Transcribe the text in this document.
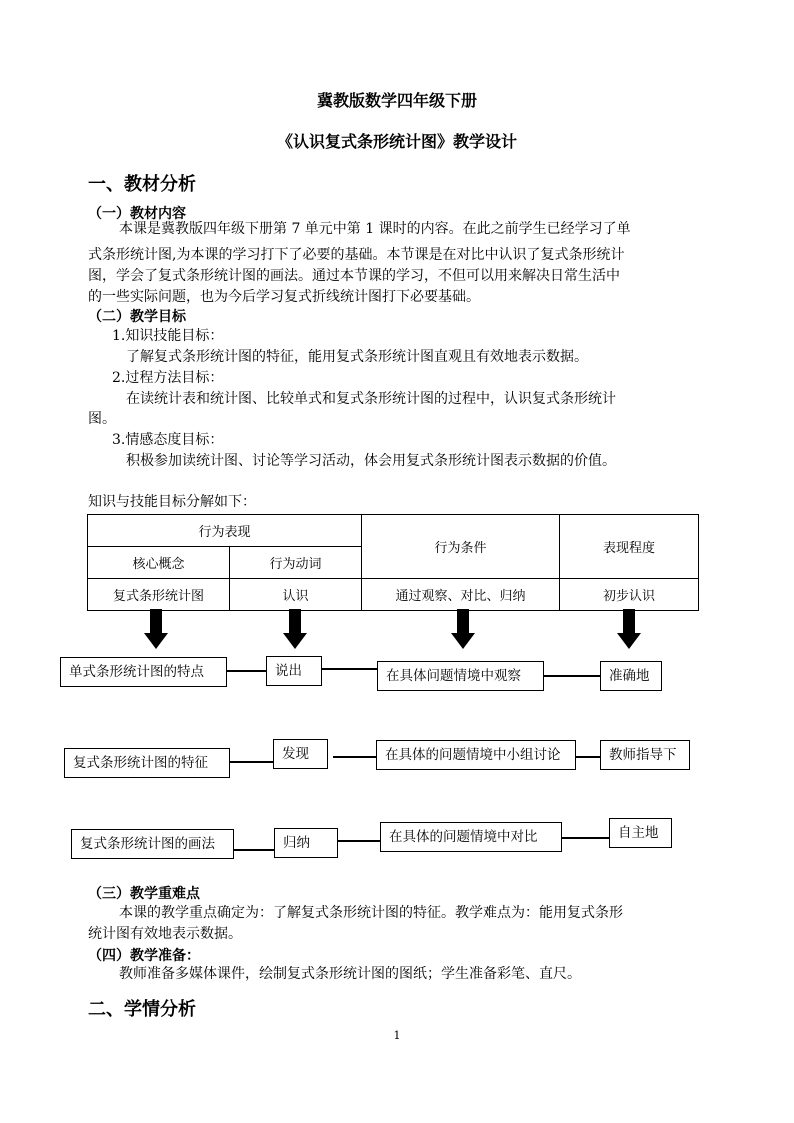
冀教版数学四年级下册
《认识复式条形统计图》教学设计
一、教材分析
（一）教材内容
本课是冀教版四年级下册第 7 单元中第 1 课时的内容。在此之前学生已经学习了单
式条形统计图,为本课的学习打下了必要的基础。本节课是在对比中认识了复式条形统计
图，学会了复式条形统计图的画法。通过本节课的学习，不但可以用来解决日常生活中
的一些实际问题，也为今后学习复式折线统计图打下必要基础。
（二）教学目标
1.知识技能目标：
了解复式条形统计图的特征，能用复式条形统计图直观且有效地表示数据。
2.过程方法目标：
在读统计表和统计图、比较单式和复式条形统计图的过程中，认识复式条形统计
图。
3.情感态度目标：
积极参加读统计图、讨论等学习活动，体会用复式条形统计图表示数据的价值。
知识与技能目标分解如下：
行为表现		行为条件	表现程度
核心概念	行为动词		
复式条形统计图	认识	通过观察、对比、归纳	初步认识
单式条形统计图的特点	说出	在具体问题情境中观察	准确地
复式条形统计图的特征
发现	在具体的问题情境中小组讨论	教师指导下
复式条形统计图的画法	归纳	在具体的问题情境中对比	自主地
（三）教学重难点
本课的教学重点确定为：了解复式条形统计图的特征。教学难点为：能用复式条形
统计图有效地表示数据。
（四）教学准备：
教师准备多媒体课件，绘制复式条形统计图的图纸；学生准备彩笔、直尺。
二、学情分析
1
